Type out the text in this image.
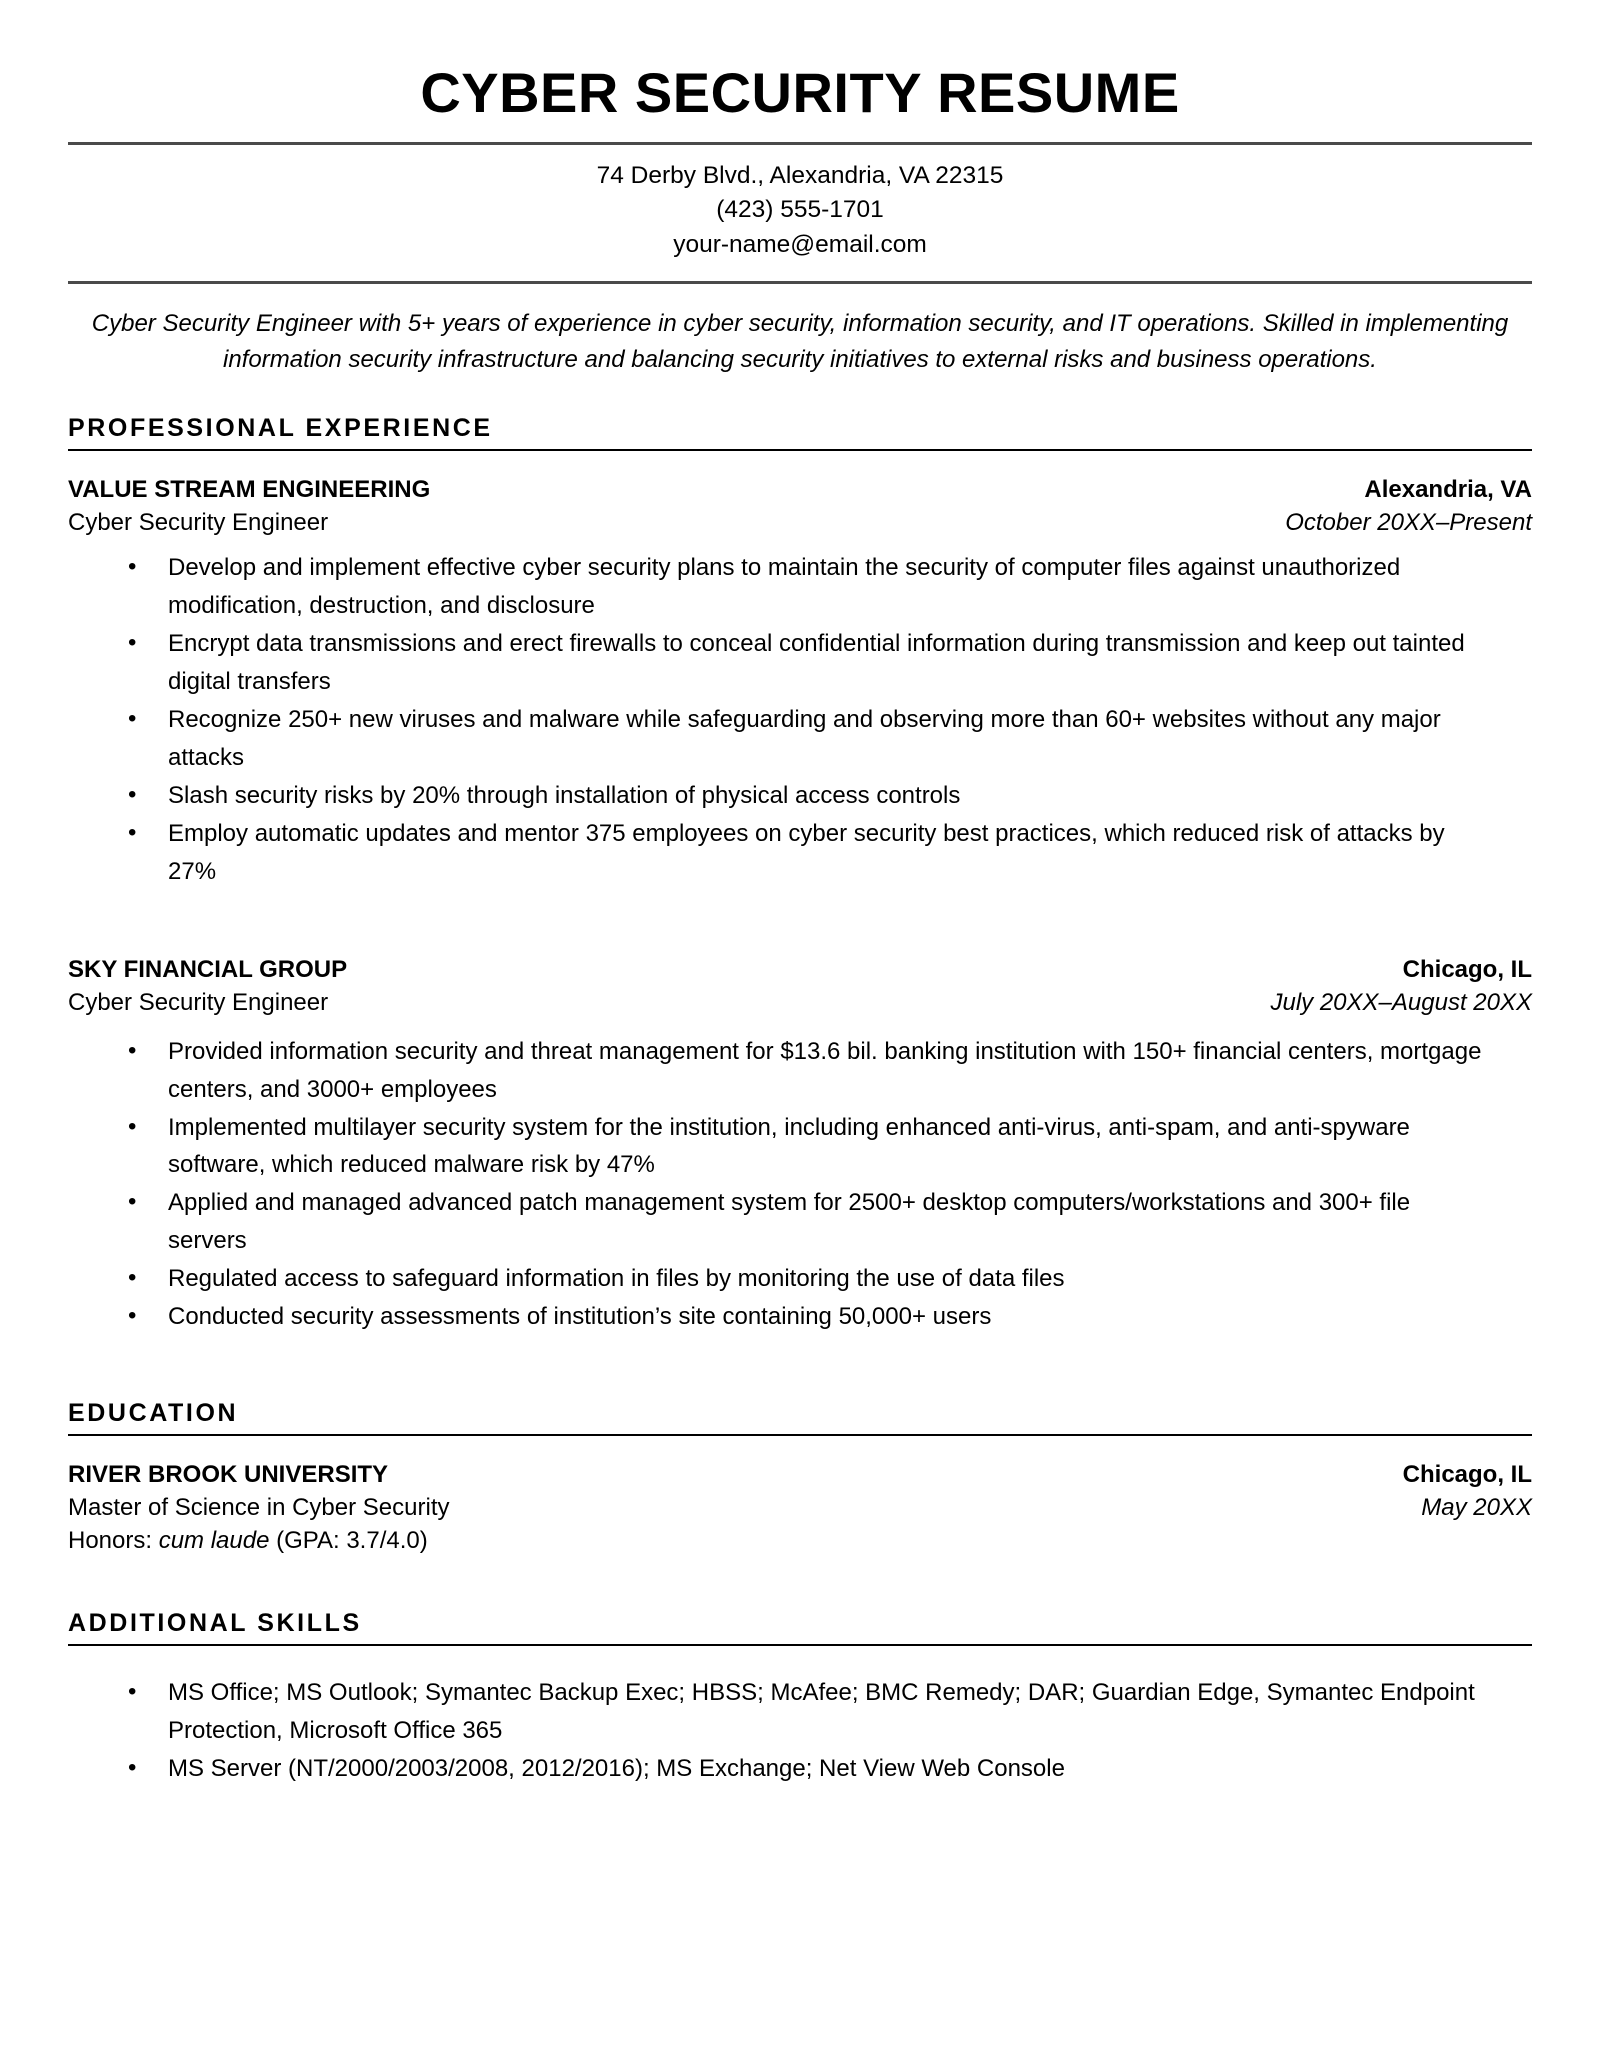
CYBER SECURITY RESUME
74 Derby Blvd., Alexandria, VA 22315
(423) 555-1701
your-name@email.com

Cyber Security Engineer with 5+ years of experience in cyber security, information security, and IT operations. Skilled in implementing information security infrastructure and balancing security initiatives to external risks and business operations.

PROFESSIONAL EXPERIENCE
VALUE STREAM ENGINEERING	Alexandria, VA
Cyber Security Engineer	October 20XX–Present
• Develop and implement effective cyber security plans to maintain the security of computer files against unauthorized modification, destruction, and disclosure
• Encrypt data transmissions and erect firewalls to conceal confidential information during transmission and keep out tainted digital transfers
• Recognize 250+ new viruses and malware while safeguarding and observing more than 60+ websites without any major attacks
• Slash security risks by 20% through installation of physical access controls
• Employ automatic updates and mentor 375 employees on cyber security best practices, which reduced risk of attacks by 27%
SKY FINANCIAL GROUP	Chicago, IL
Cyber Security Engineer	July 20XX–August 20XX
• Provided information security and threat management for $13.6 bil. banking institution with 150+ financial centers, mortgage centers, and 3000+ employees
• Implemented multilayer security system for the institution, including enhanced anti-virus, anti-spam, and anti-spyware software, which reduced malware risk by 47%
• Applied and managed advanced patch management system for 2500+ desktop computers/workstations and 300+ file servers
• Regulated access to safeguard information in files by monitoring the use of data files
• Conducted security assessments of institution’s site containing 50,000+ users
EDUCATION
RIVER BROOK UNIVERSITY	Chicago, IL
Master of Science in Cyber Security	May 20XX
Honors: cum laude (GPA: 3.7/4.0)
ADDITIONAL SKILLS
• MS Office; MS Outlook; Symantec Backup Exec; HBSS; McAfee; BMC Remedy; DAR; Guardian Edge, Symantec Endpoint Protection, Microsoft Office 365
• MS Server (NT/2000/2003/2008, 2012/2016); MS Exchange; Net View Web Console
